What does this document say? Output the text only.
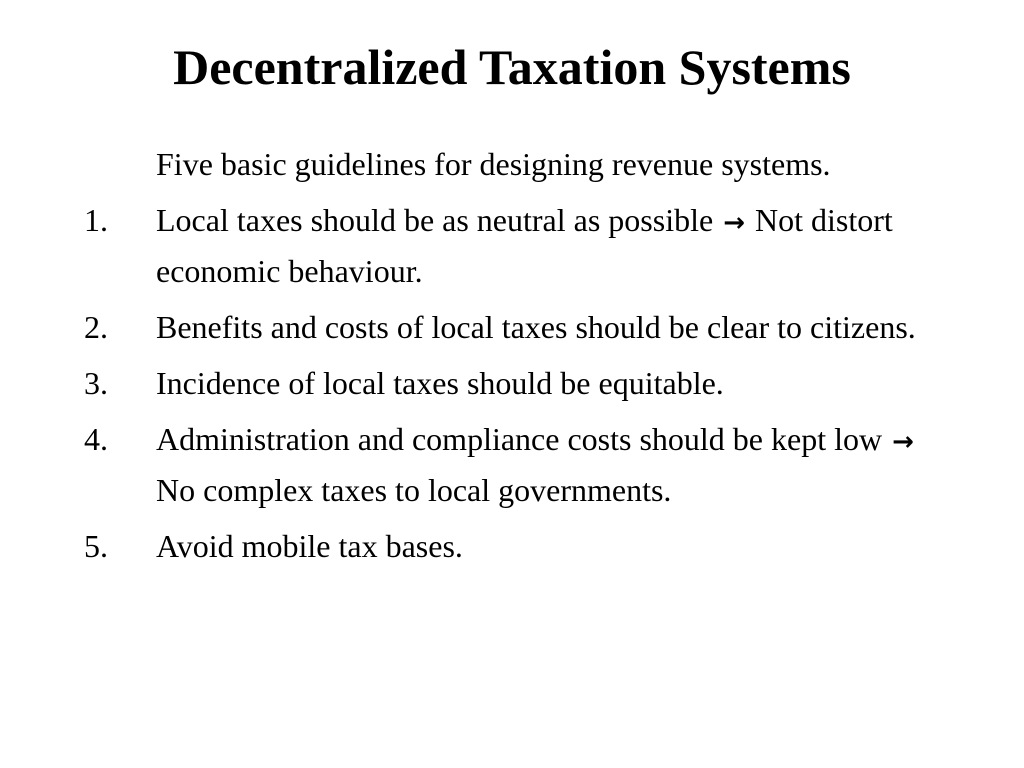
Decentralized Taxation Systems

Five basic guidelines for designing revenue systems.

1.	Local taxes should be as neutral as possible → Not distort economic behaviour.
2.	Benefits and costs of local taxes should be clear to citizens.
3.	Incidence of local taxes should be equitable.
4.	Administration and compliance costs should be kept low → No complex taxes to local governments.
5.	Avoid mobile tax bases.
